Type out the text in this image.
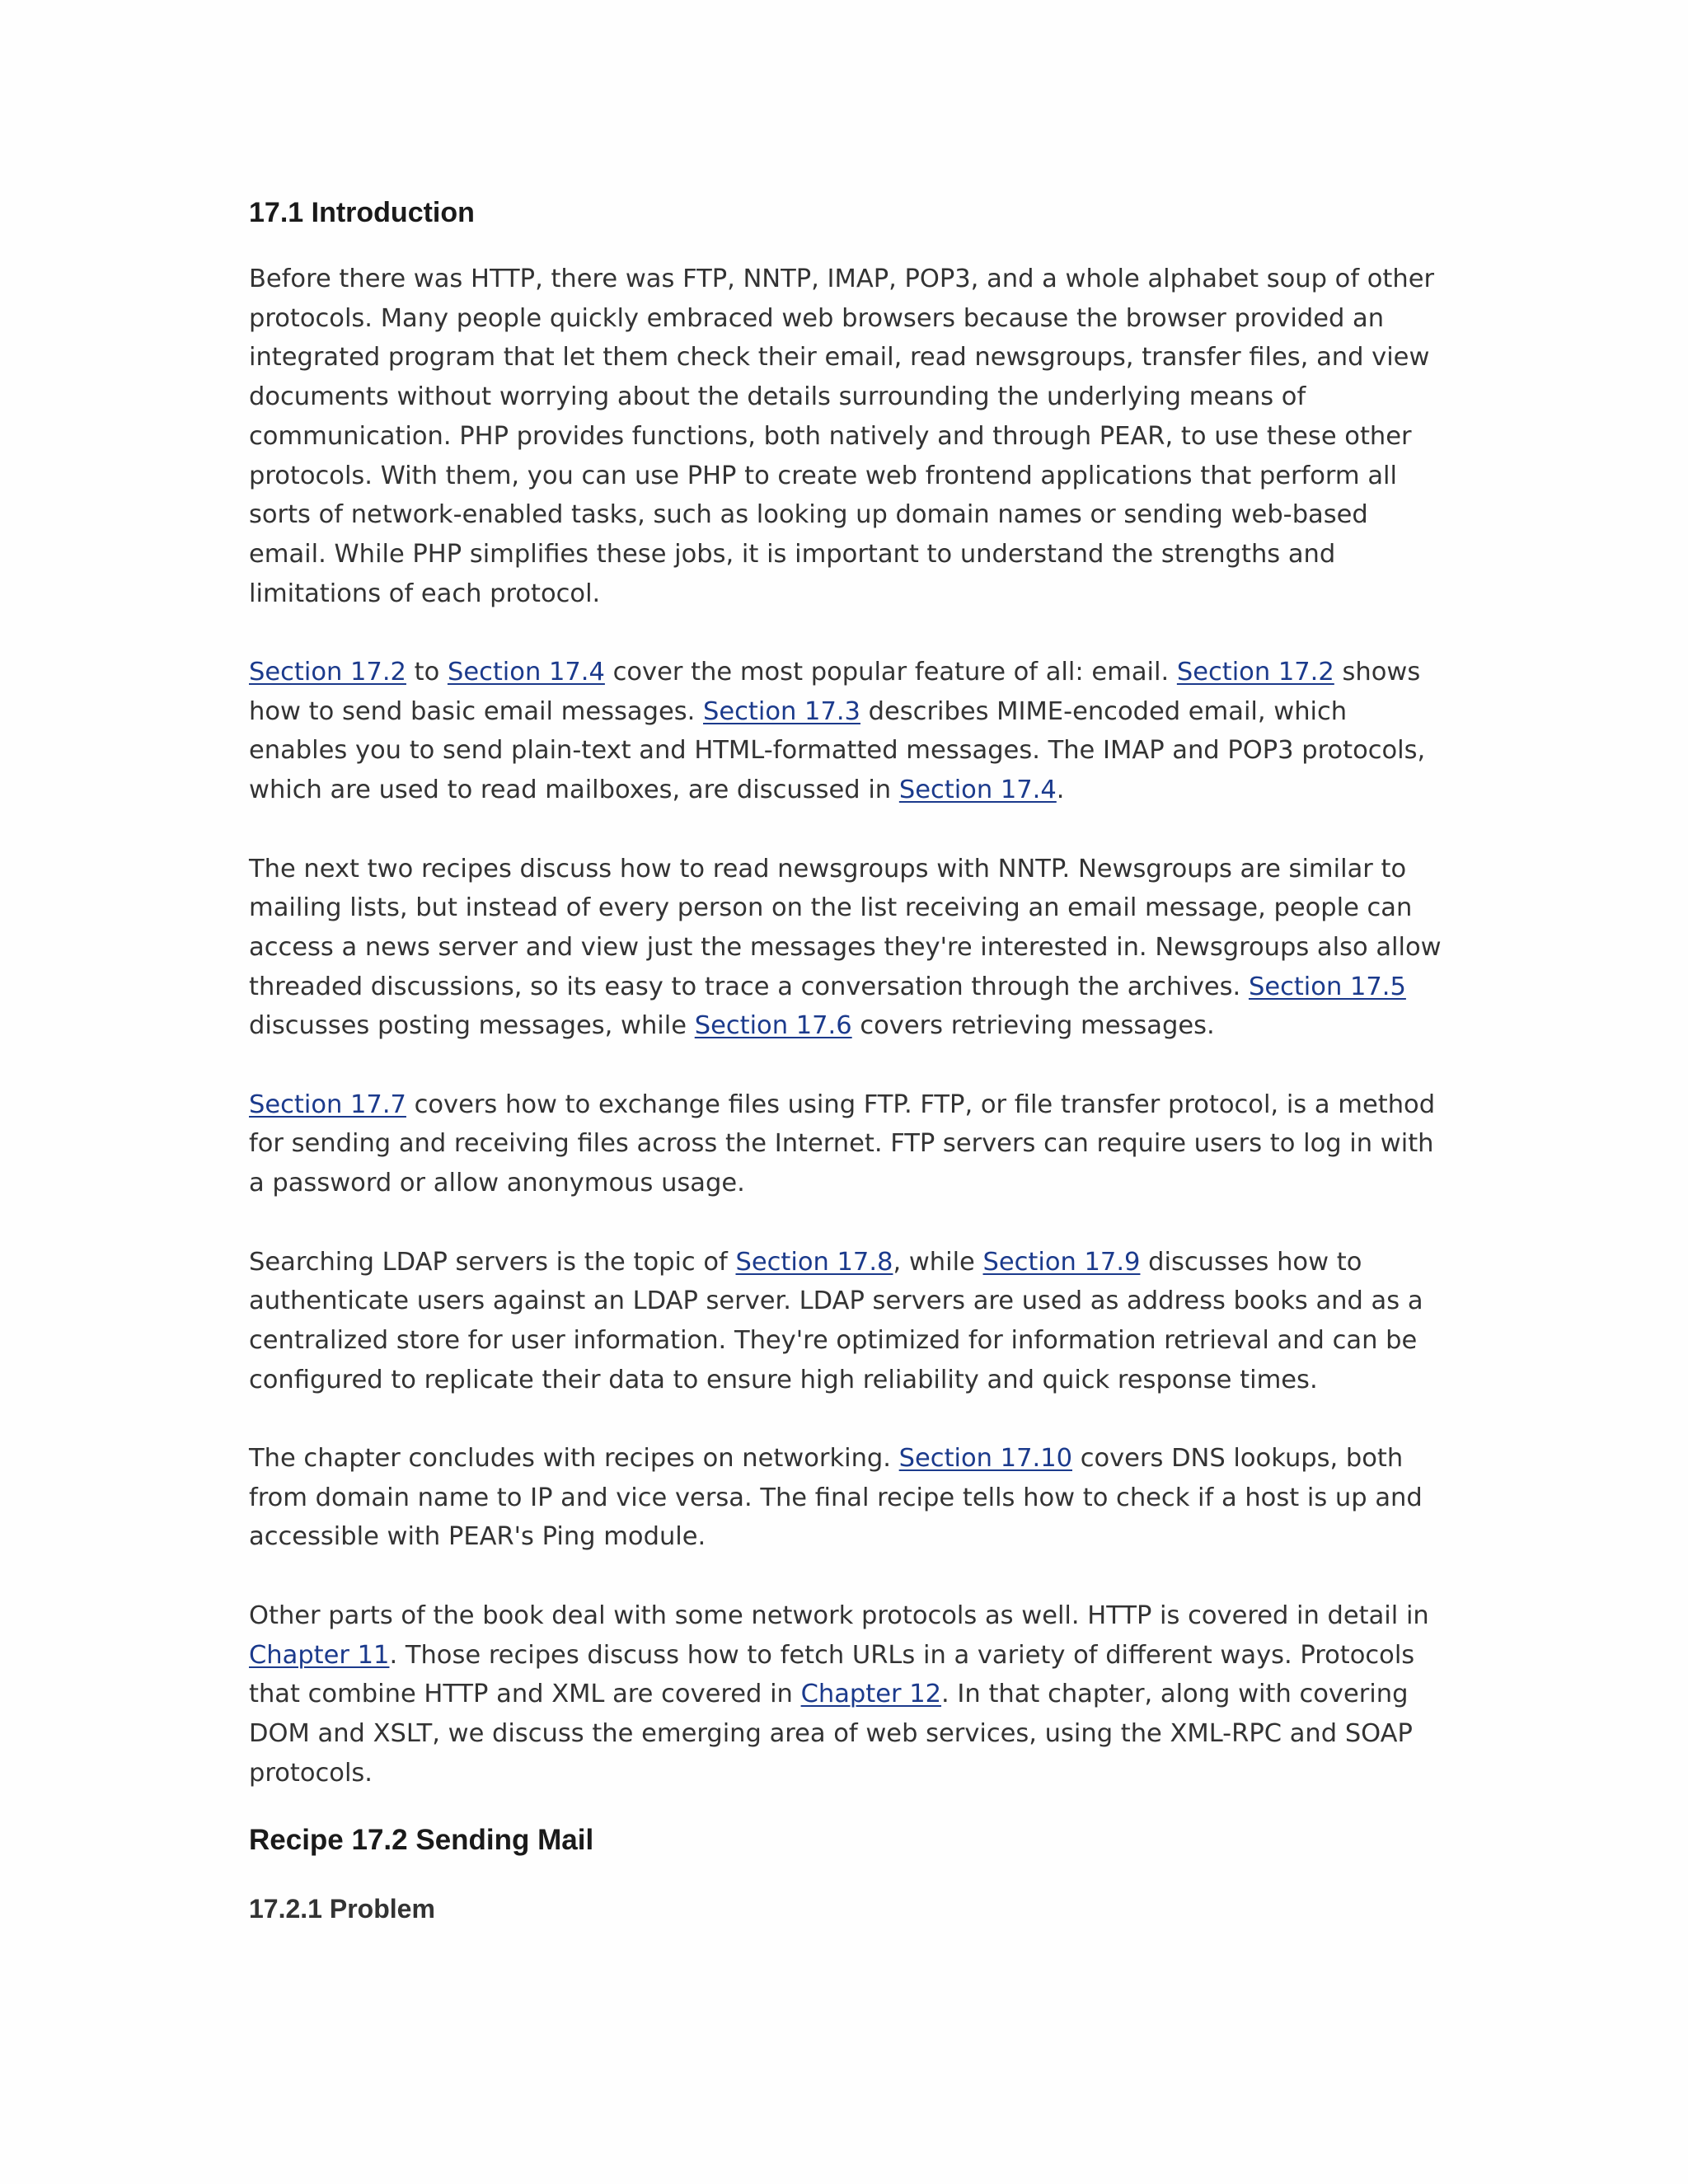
17.1 Introduction

Before there was HTTP, there was FTP, NNTP, IMAP, POP3, and a whole alphabet soup of other
protocols. Many people quickly embraced web browsers because the browser provided an
integrated program that let them check their email, read newsgroups, transfer files, and view
documents without worrying about the details surrounding the underlying means of
communication. PHP provides functions, both natively and through PEAR, to use these other
protocols. With them, you can use PHP to create web frontend applications that perform all
sorts of network-enabled tasks, such as looking up domain names or sending web-based
email. While PHP simplifies these jobs, it is important to understand the strengths and
limitations of each protocol.

Section 17.2 to Section 17.4 cover the most popular feature of all: email. Section 17.2 shows
how to send basic email messages. Section 17.3 describes MIME-encoded email, which
enables you to send plain-text and HTML-formatted messages. The IMAP and POP3 protocols,
which are used to read mailboxes, are discussed in Section 17.4.

The next two recipes discuss how to read newsgroups with NNTP. Newsgroups are similar to
mailing lists, but instead of every person on the list receiving an email message, people can
access a news server and view just the messages they're interested in. Newsgroups also allow
threaded discussions, so its easy to trace a conversation through the archives. Section 17.5
discusses posting messages, while Section 17.6 covers retrieving messages.

Section 17.7 covers how to exchange files using FTP. FTP, or file transfer protocol, is a method
for sending and receiving files across the Internet. FTP servers can require users to log in with
a password or allow anonymous usage.

Searching LDAP servers is the topic of Section 17.8, while Section 17.9 discusses how to
authenticate users against an LDAP server. LDAP servers are used as address books and as a
centralized store for user information. They're optimized for information retrieval and can be
configured to replicate their data to ensure high reliability and quick response times.

The chapter concludes with recipes on networking. Section 17.10 covers DNS lookups, both
from domain name to IP and vice versa. The final recipe tells how to check if a host is up and
accessible with PEAR's Ping module.

Other parts of the book deal with some network protocols as well. HTTP is covered in detail in
Chapter 11. Those recipes discuss how to fetch URLs in a variety of different ways. Protocols
that combine HTTP and XML are covered in Chapter 12. In that chapter, along with covering
DOM and XSLT, we discuss the emerging area of web services, using the XML-RPC and SOAP
protocols.

Recipe 17.2 Sending Mail
17.2.1 Problem
